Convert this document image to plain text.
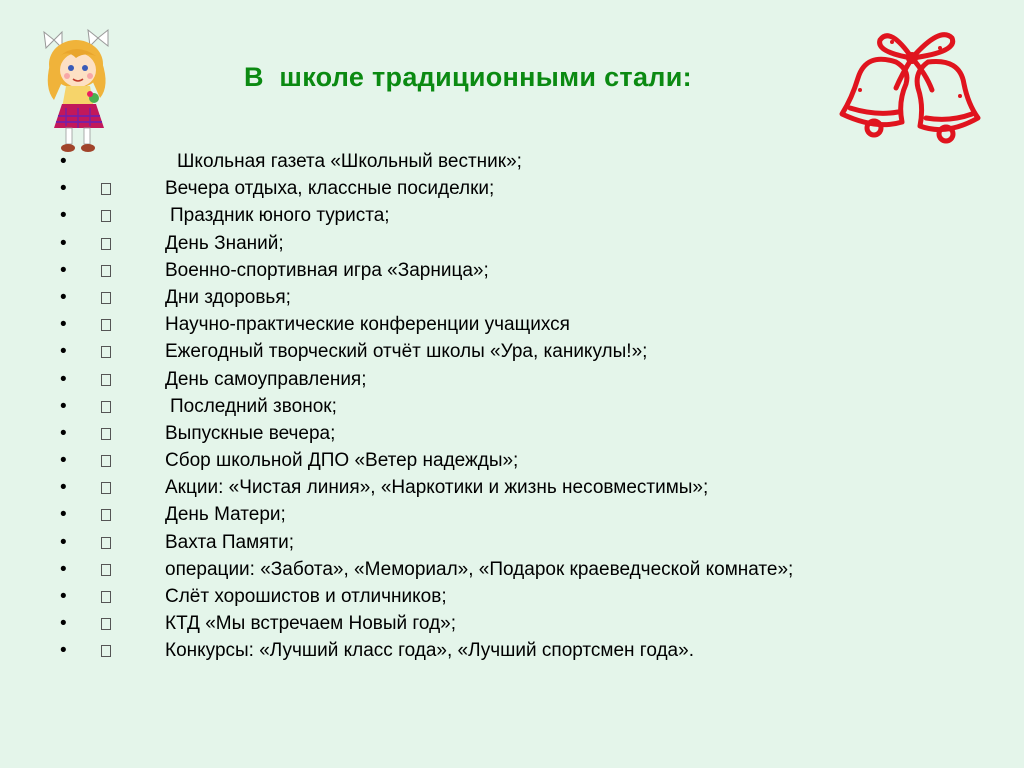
В  школе традиционными стали:
•	Школьная газета «Школьный вестник»;
•	Вечера отдыха, классные посиделки;
•	Праздник юного туриста;
•	День Знаний;
•	Военно-спортивная игра «Зарница»;
•	Дни здоровья;
•	Научно-практические конференции учащихся
•	Ежегодный творческий отчёт школы «Ура, каникулы!»;
•	День самоуправления;
•	Последний звонок;
•	Выпускные вечера;
•	Сбор школьной ДПО «Ветер надежды»;
•	Акции: «Чистая линия», «Наркотики и жизнь несовместимы»;
•	День Матери;
•	Вахта Памяти;
•	операции: «Забота», «Мемориал», «Подарок краеведческой комнате»;
•	Слёт хорошистов и отличников;
•	КТД «Мы встречаем Новый год»;
•	Конкурсы: «Лучший класс года», «Лучший спортсмен года».
